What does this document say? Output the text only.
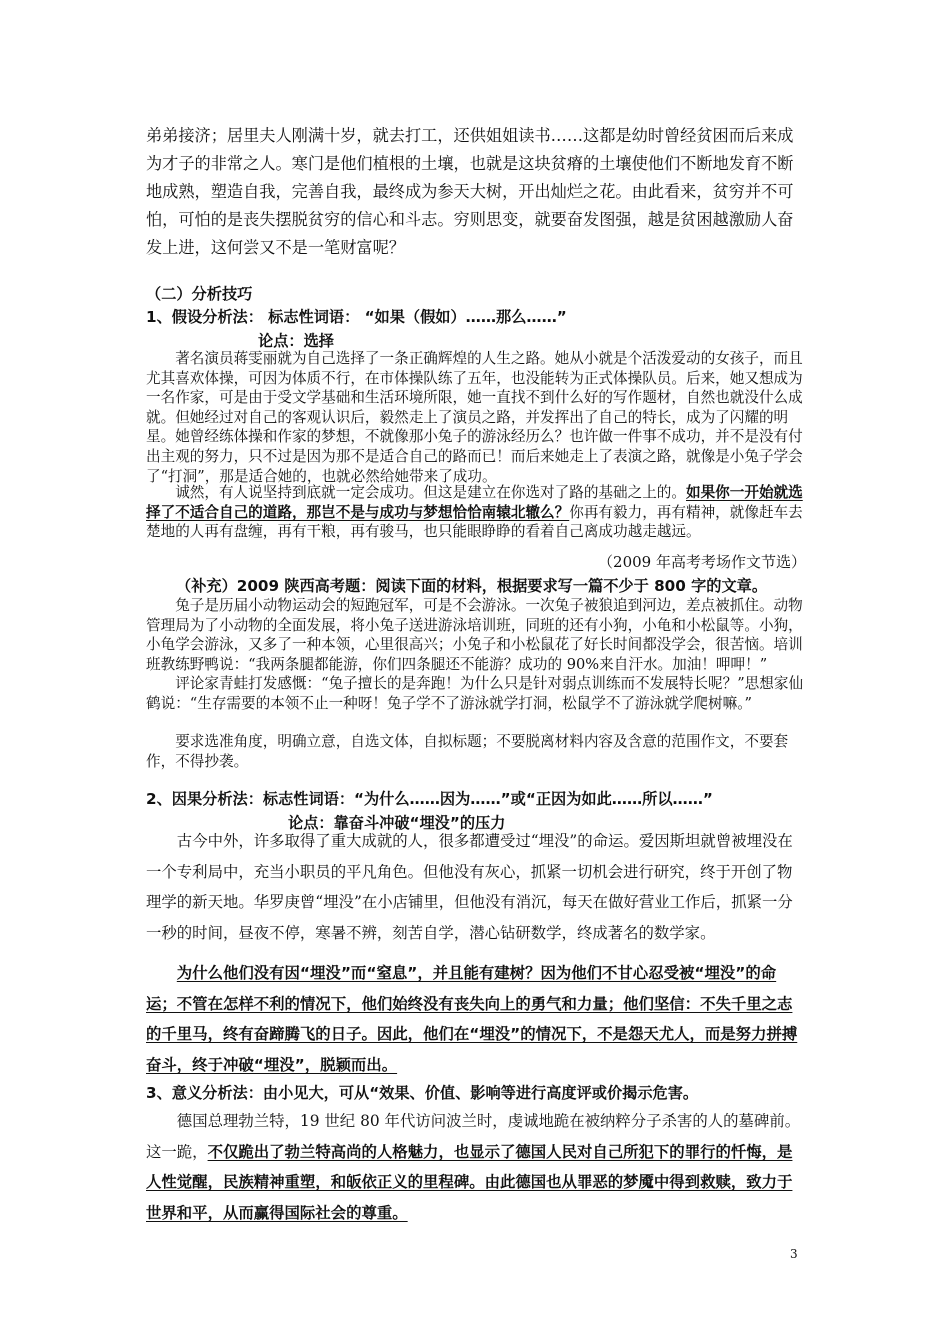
弟弟接济；居里夫人刚满十岁，就去打工，还供姐姐读书……这都是幼时曾经贫困而后来成为才子的非常之人。寒门是他们植根的土壤，也就是这块贫瘠的土壤使他们不断地发育不断地成熟，塑造自我，完善自我，最终成为参天大树，开出灿烂之花。由此看来，贫穷并不可怕，可怕的是丧失摆脱贫穷的信心和斗志。穷则思变，就要奋发图强，越是贫困越激励人奋发上进，这何尝又不是一笔财富呢？

（二）分析技巧

1、假设分析法： 标志性词语： “如果（假如）……那么……”

论点：选择

著名演员蒋雯丽就为自己选择了一条正确辉煌的人生之路。她从小就是个活泼爱动的女孩子，而且尤其喜欢体操，可因为体质不行，在市体操队练了五年，也没能转为正式体操队员。后来，她又想成为一名作家，可是由于受文学基础和生活环境所限，她一直找不到什么好的写作题材，自然也就没什么成就。但她经过对自己的客观认识后，毅然走上了演员之路，并发挥出了自己的特长，成为了闪耀的明星。她曾经练体操和作家的梦想，不就像那小兔子的游泳经历么？也许做一件事不成功，并不是没有付出主观的努力，只不过是因为那不是适合自己的路而已！而后来她走上了表演之路，就像是小兔子学会了“打洞”，那是适合她的，也就必然给她带来了成功。

诚然，有人说坚持到底就一定会成功。但这是建立在你选对了路的基础之上的。如果你一开始就选择了不适合自己的道路，那岂不是与成功与梦想恰恰南辕北辙么？你再有毅力，再有精神，就像赶车去楚地的人再有盘缠，再有干粮，再有骏马，也只能眼睁睁的看着自己离成功越走越远。

（2009 年高考考场作文节选）

（补充）2009 陕西高考题：阅读下面的材料，根据要求写一篇不少于 800 字的文章。

兔子是历届小动物运动会的短跑冠军，可是不会游泳。一次兔子被狼追到河边，差点被抓住。动物管理局为了小动物的全面发展，将小兔子送进游泳培训班，同班的还有小狗，小龟和小松鼠等。小狗，小龟学会游泳，又多了一种本领，心里很高兴；小兔子和小松鼠花了好长时间都没学会，很苦恼。培训班教练野鸭说：“我两条腿都能游，你们四条腿还不能游？成功的 90%来自汗水。加油！呷呷！”

评论家青蛙打发感慨：“兔子擅长的是奔跑！为什么只是针对弱点训练而不发展特长呢？”思想家仙鹤说：“生存需要的本领不止一种呀！兔子学不了游泳就学打洞，松鼠学不了游泳就学爬树嘛。”

要求选准角度，明确立意，自选文体，自拟标题；不要脱离材料内容及含意的范围作文，不要套作，不得抄袭。

2、因果分析法：标志性词语：“为什么……因为……”或“正因为如此……所以……”

论点：靠奋斗冲破“埋没”的压力

古今中外，许多取得了重大成就的人，很多都遭受过“埋没”的命运。爱因斯坦就曾被埋没在一个专利局中，充当小职员的平凡角色。但他没有灰心，抓紧一切机会进行研究，终于开创了物理学的新天地。华罗庚曾“埋没”在小店铺里，但他没有消沉，每天在做好营业工作后，抓紧一分一秒的时间，昼夜不停，寒暑不辨，刻苦自学，潜心钻研数学，终成著名的数学家。

为什么他们没有因“埋没”而“窒息”，并且能有建树？因为他们不甘心忍受被“埋没”的命运；不管在怎样不利的情况下，他们始终没有丧失向上的勇气和力量；他们坚信：不失千里之志的千里马，终有奋蹄腾飞的日子。因此，他们在“埋没”的情况下，不是怨天尤人，而是努力拼搏奋斗，终于冲破“埋没”，脱颖而出。

3、意义分析法：由小见大，可从“效果、价值、影响等进行高度评或价揭示危害。

德国总理勃兰特，19 世纪 80 年代访问波兰时，虔诚地跪在被纳粹分子杀害的人的墓碑前。这一跪，不仅跪出了勃兰特高尚的人格魅力，也显示了德国人民对自己所犯下的罪行的忏悔，是人性觉醒，民族精神重塑，和皈依正义的里程碑。由此德国也从罪恶的梦魇中得到救赎，致力于世界和平，从而赢得国际社会的尊重。

3
